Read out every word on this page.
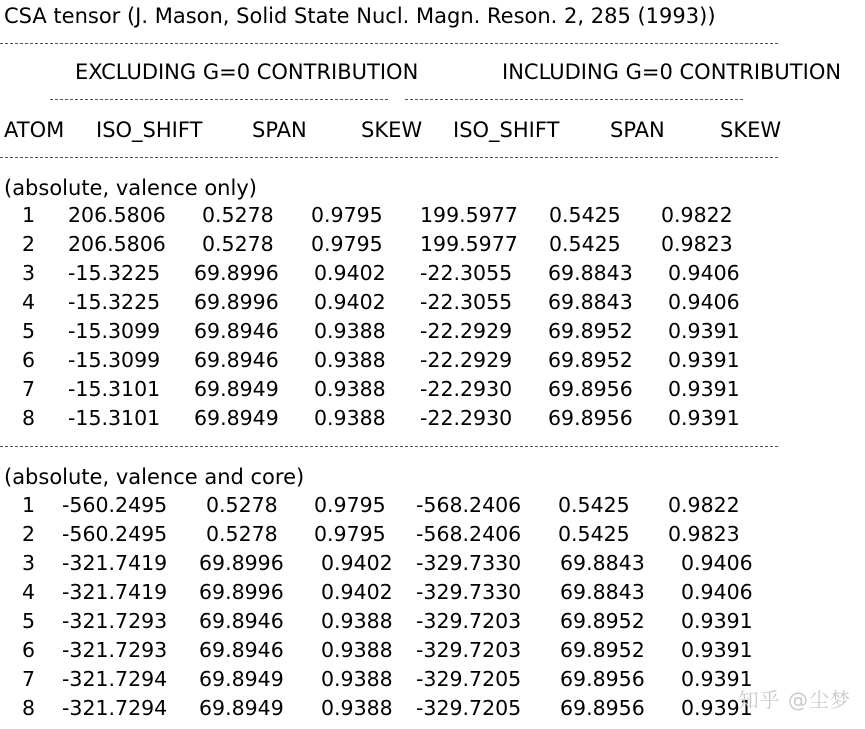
CSA tensor (J. Mason, Solid State Nucl. Magn. Reson. 2, 285 (1993))
EXCLUDING G=0 CONTRIBUTION	INCLUDING G=0 CONTRIBUTION
ATOM ISO_SHIFT SPAN	SKEW ISO_SHIFT SPAN	SKEW
(absolute, valence only)
1 206.5806 0.5278 0.9795 199.5977 0.5425 0.9822
2 206.5806 0.5278 0.9795 199.5977 0.5425 0.9823
3 -15.3225 69.8996 0.9402 -22.3055 69.8843 0.9406
4 -15.3225 69.8996 0.9402 -22.3055 69.8843 0.9406
5 -15.3099 69.8946 0.9388 -22.2929 69.8952 0.9391
6 -15.3099 69.8946 0.9388 -22.2929 69.8952 0.9391
7 -15.3101 69.8949 0.9388 -22.2930 69.8956 0.9391
8 -15.3101 69.8949 0.9388 -22.2930 69.8956 0.9391
(absolute, valence and core)
1 -560.2495 0.5278 0.9795 -568.2406 0.5425 0.9822
2 -560.2495 0.5278 0.9795 -568.2406 0.5425 0.9823
3 -321.7419 69.8996 0.9402 -329.7330 69.8843 0.9406
4 -321.7419 69.8996 0.9402 -329.7330 69.8843 0.9406
5 -321.7293 69.8946 0.9388 -329.7203 69.8952 0.9391
6 -321.7293 69.8946 0.9388 -329.7203 69.8952 0.9391
7 -321.7294 69.8949 0.9388 -329.7205 69.8956 0.9391
8 -321.7294 69.8949 0.9388 -329.7205 69.8956 0.9391
知乎 @尘梦
